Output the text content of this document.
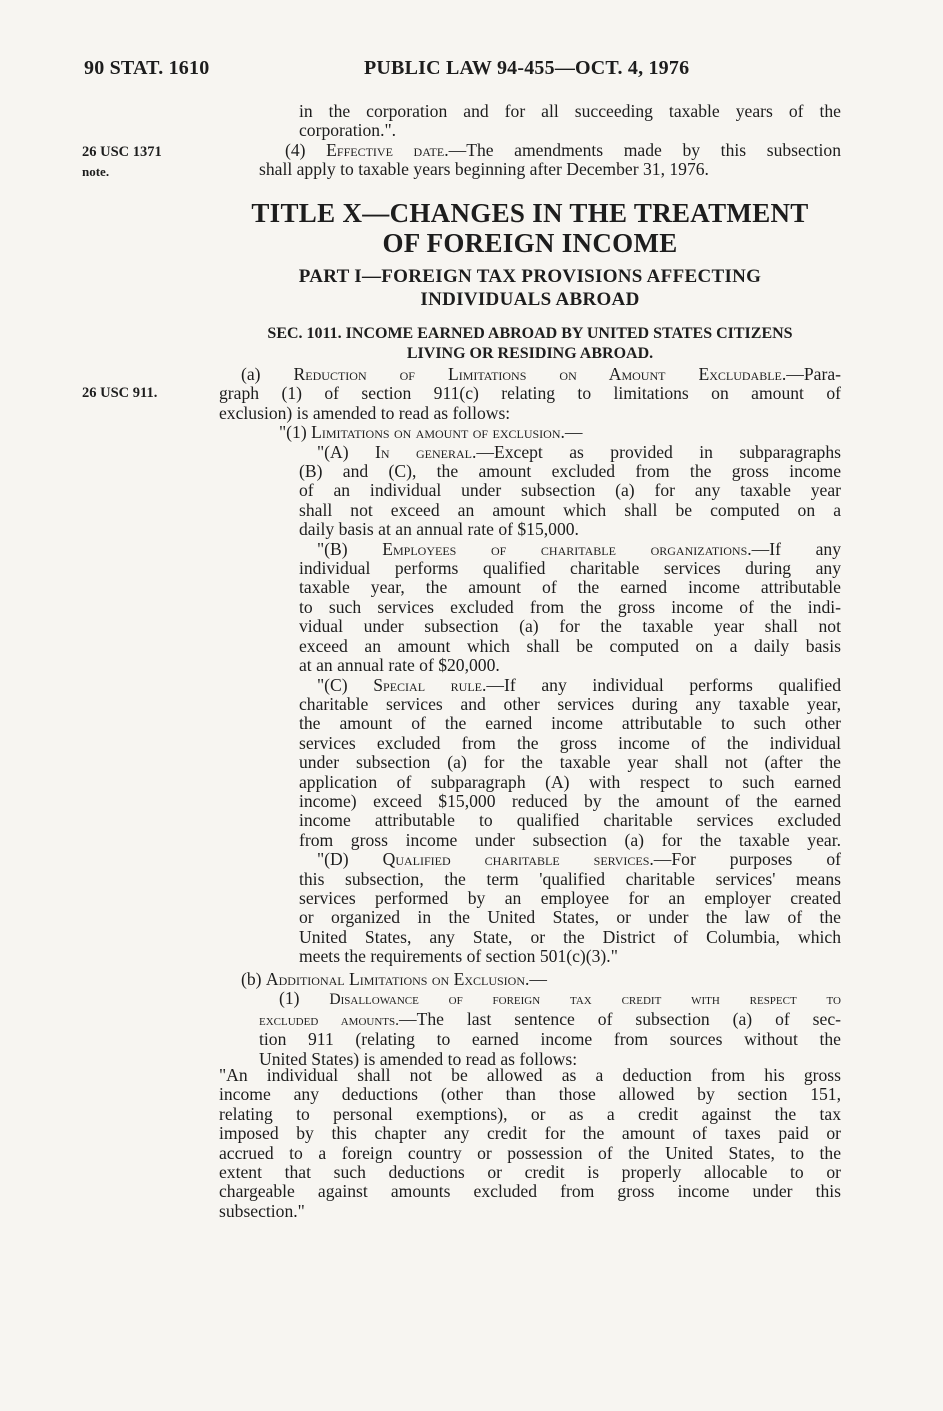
90 STAT. 1610	PUBLIC LAW 94-455—OCT. 4, 1976
26 USC 1371
note.
26 USC 911.
in the corporation and for all succeeding taxable years of the
corporation.".
(4) Effective date.—The amendments made by this subsection
shall apply to taxable years beginning after December 31, 1976.
TITLE X—CHANGES IN THE TREATMENT
OF FOREIGN INCOME
PART I—FOREIGN TAX PROVISIONS AFFECTING
INDIVIDUALS ABROAD
SEC. 1011. INCOME EARNED ABROAD BY UNITED STATES CITIZENS
LIVING OR RESIDING ABROAD.
(a) Reduction of Limitations on Amount Excludable.—Para-
graph (1) of section 911(c) relating to limitations on amount of
exclusion) is amended to read as follows:
"(1) Limitations on amount of exclusion.—
"(A) In general.—Except as provided in subparagraphs
(B) and (C), the amount excluded from the gross income
of an individual under subsection (a) for any taxable year
shall not exceed an amount which shall be computed on a
daily basis at an annual rate of $15,000.
"(B) Employees of charitable organizations.—If any
individual performs qualified charitable services during any
taxable year, the amount of the earned income attributable
to such services excluded from the gross income of the indi-
vidual under subsection (a) for the taxable year shall not
exceed an amount which shall be computed on a daily basis
at an annual rate of $20,000.
"(C) Special rule.—If any individual performs qualified
charitable services and other services during any taxable year,
the amount of the earned income attributable to such other
services excluded from the gross income of the individual
under subsection (a) for the taxable year shall not (after the
application of subparagraph (A) with respect to such earned
income) exceed $15,000 reduced by the amount of the earned
income attributable to qualified charitable services excluded
from gross income under subsection (a) for the taxable year.
"(D) Qualified charitable services.—For purposes of
this subsection, the term 'qualified charitable services' means
services performed by an employee for an employer created
or organized in the United States, or under the law of the
United States, any State, or the District of Columbia, which
meets the requirements of section 501(c)(3)."
(b) Additional Limitations on Exclusion.—
(1) Disallowance of foreign tax credit with respect to
excluded amounts.—The last sentence of subsection (a) of sec-
tion 911 (relating to earned income from sources without the
United States) is amended to read as follows:
"An individual shall not be allowed as a deduction from his gross
income any deductions (other than those allowed by section 151,
relating to personal exemptions), or as a credit against the tax
imposed by this chapter any credit for the amount of taxes paid or
accrued to a foreign country or possession of the United States, to the
extent that such deductions or credit is properly allocable to or
chargeable against amounts excluded from gross income under this
subsection."
